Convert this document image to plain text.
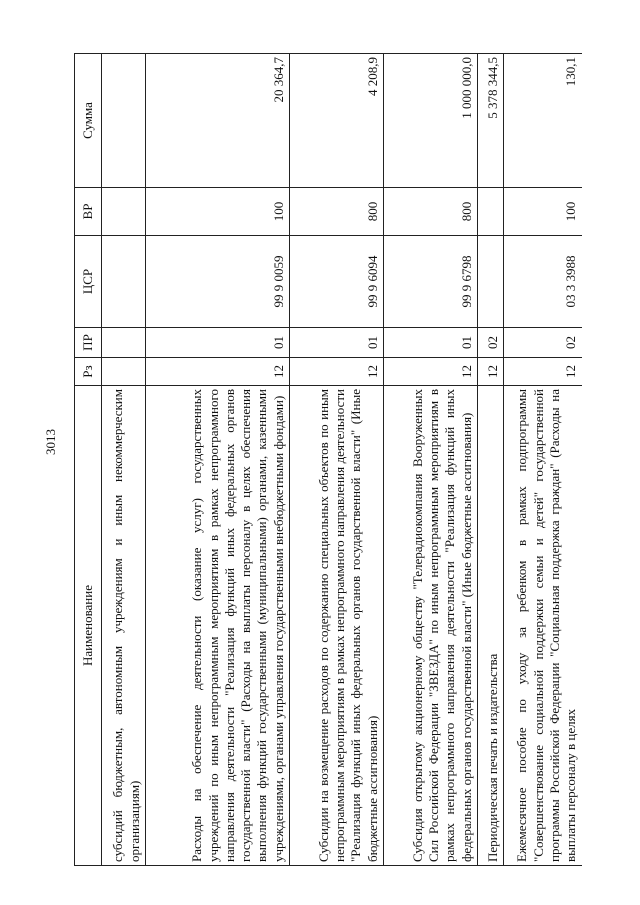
3013
Наименование	Рз	ПР	ЦСР	ВР	Сумма
субсидий бюджетным, автономным учреждениям и иным некоммерческим организациям)					
Расходы на обеспечение деятельности (оказание услуг) государственных учреждений по иным непрограммным мероприятиям в рамках непрограммного направления деятельности "Реализация функций иных федеральных органов государственной власти" (Расходы на выплаты персоналу в целях обеспечения выполнения функций государственными (муниципальными) органами, казенными учреждениями, органами управления государственными внебюджетными фондами)	12	01	99 9 0059	100	20 364,7
Субсидии на возмещение расходов по содержанию специальных объектов по иным непрограммным мероприятиям в рамках непрограммного направления деятельности "Реализация функций иных федеральных органов государственной власти" (Иные бюджетные ассигнования)	12	01	99 9 6094	800	4 208,9
Субсидия открытому акционерному обществу "Телерадиокомпания Вооруженных Сил Российской Федерации "ЗВЕЗДА" по иным непрограммным мероприятиям в рамках непрограммного направления деятельности "Реализация функций иных федеральных органов государственной власти" (Иные бюджетные ассигнования)	12	01	99 9 6798	800	1 000 000,0
Периодическая печать и издательства	12	02			5 378 344,5
Ежемесячное пособие по уходу за ребенком в рамках подпрограммы "Совершенствование социальной поддержки семьи и детей" государственной программы Российской Федерации "Социальная поддержка граждан" (Расходы на выплаты персоналу в целях	12	02	03 3 3988	100	130,1
